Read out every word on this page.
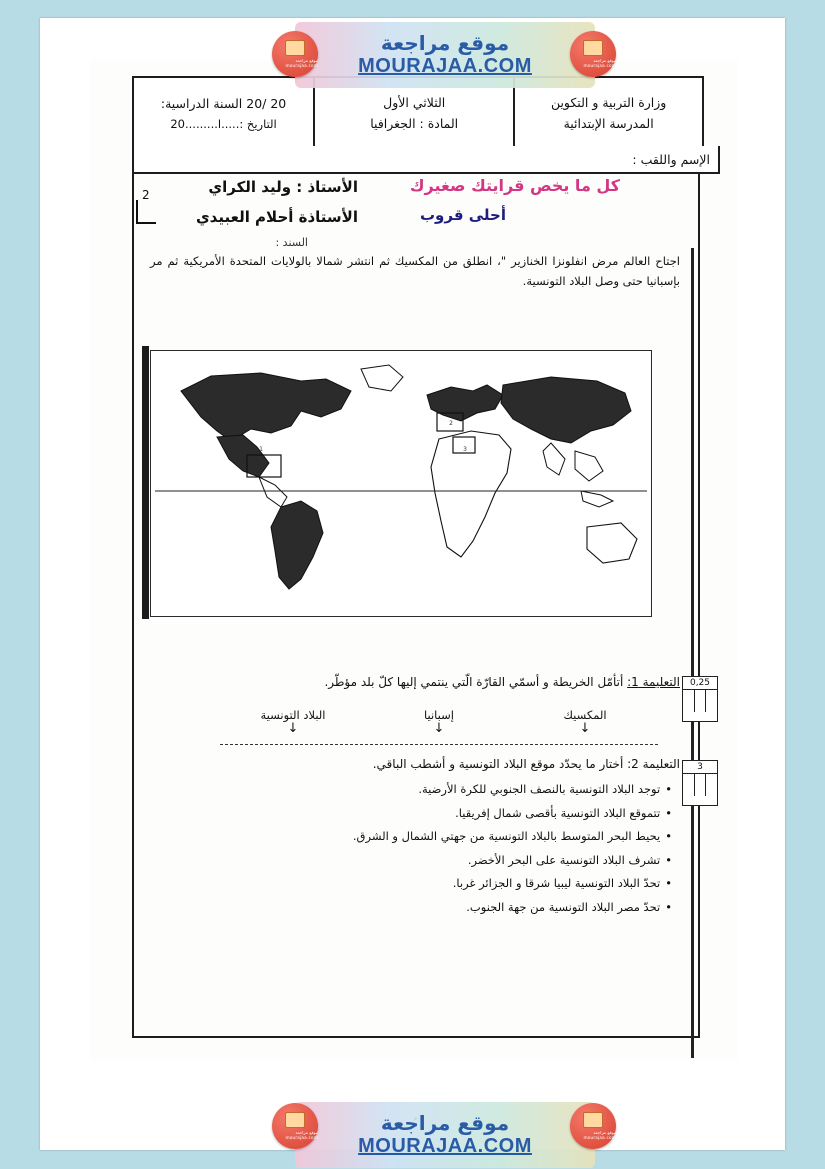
2
وزارة التربية و التكوين
المدرسة الإبتدائية
الثلاثي الأول
المادة : الجغرافيا
20 /20 السنة الدراسية:
التاريخ :.....ا.........20
الإسم واللقب :
كل ما يخص قرايتك صغيرك
أحلى قروب
الأستاذ : وليد الكراي
الأستاذة أحلام العبيدي
السند :
اجتاح العالم مرض انفلونزا الخنازير "، انطلق من المكسيك ثم انتشر شمالا بالولايات المتحدة الأمريكية ثم مر بإسبانيا حتى وصل البلاد التونسية.
1
2
3
التعليمة 1: أتأمّل الخريطة و أسمّي القارّة الّتي ينتمي إليها كلّ بلد مؤطّر.
المكسيك
↓
إسبانيا
↓
البلاد التونسية
↓
التعليمة 2: أختار ما يحدّد موقع البلاد التونسية و أشطب الباقي.
• توجد البلاد التونسية بالنصف الجنوبي للكرة الأرضية.
• تتموقع البلاد التونسية بأقصى شمال إفريقيا.
• يحيط البحر المتوسط بالبلاد التونسية من جهتي الشمال و الشرق.
• تشرف البلاد التونسية على البحر الأخضر.
• تحدّ البلاد التونسية ليبيا شرقا و الجزائر غربا.
• تحدّ مصر البلاد التونسية من جهة الجنوب.
0,25
3
موقع مراجعة
MOURAJAA.COM
موقع مراجعة mourajaa.com
موقع مراجعة mourajaa.com
موقع مراجعة
MOURAJAA.COM
موقع مراجعة mourajaa.com
موقع مراجعة mourajaa.com
